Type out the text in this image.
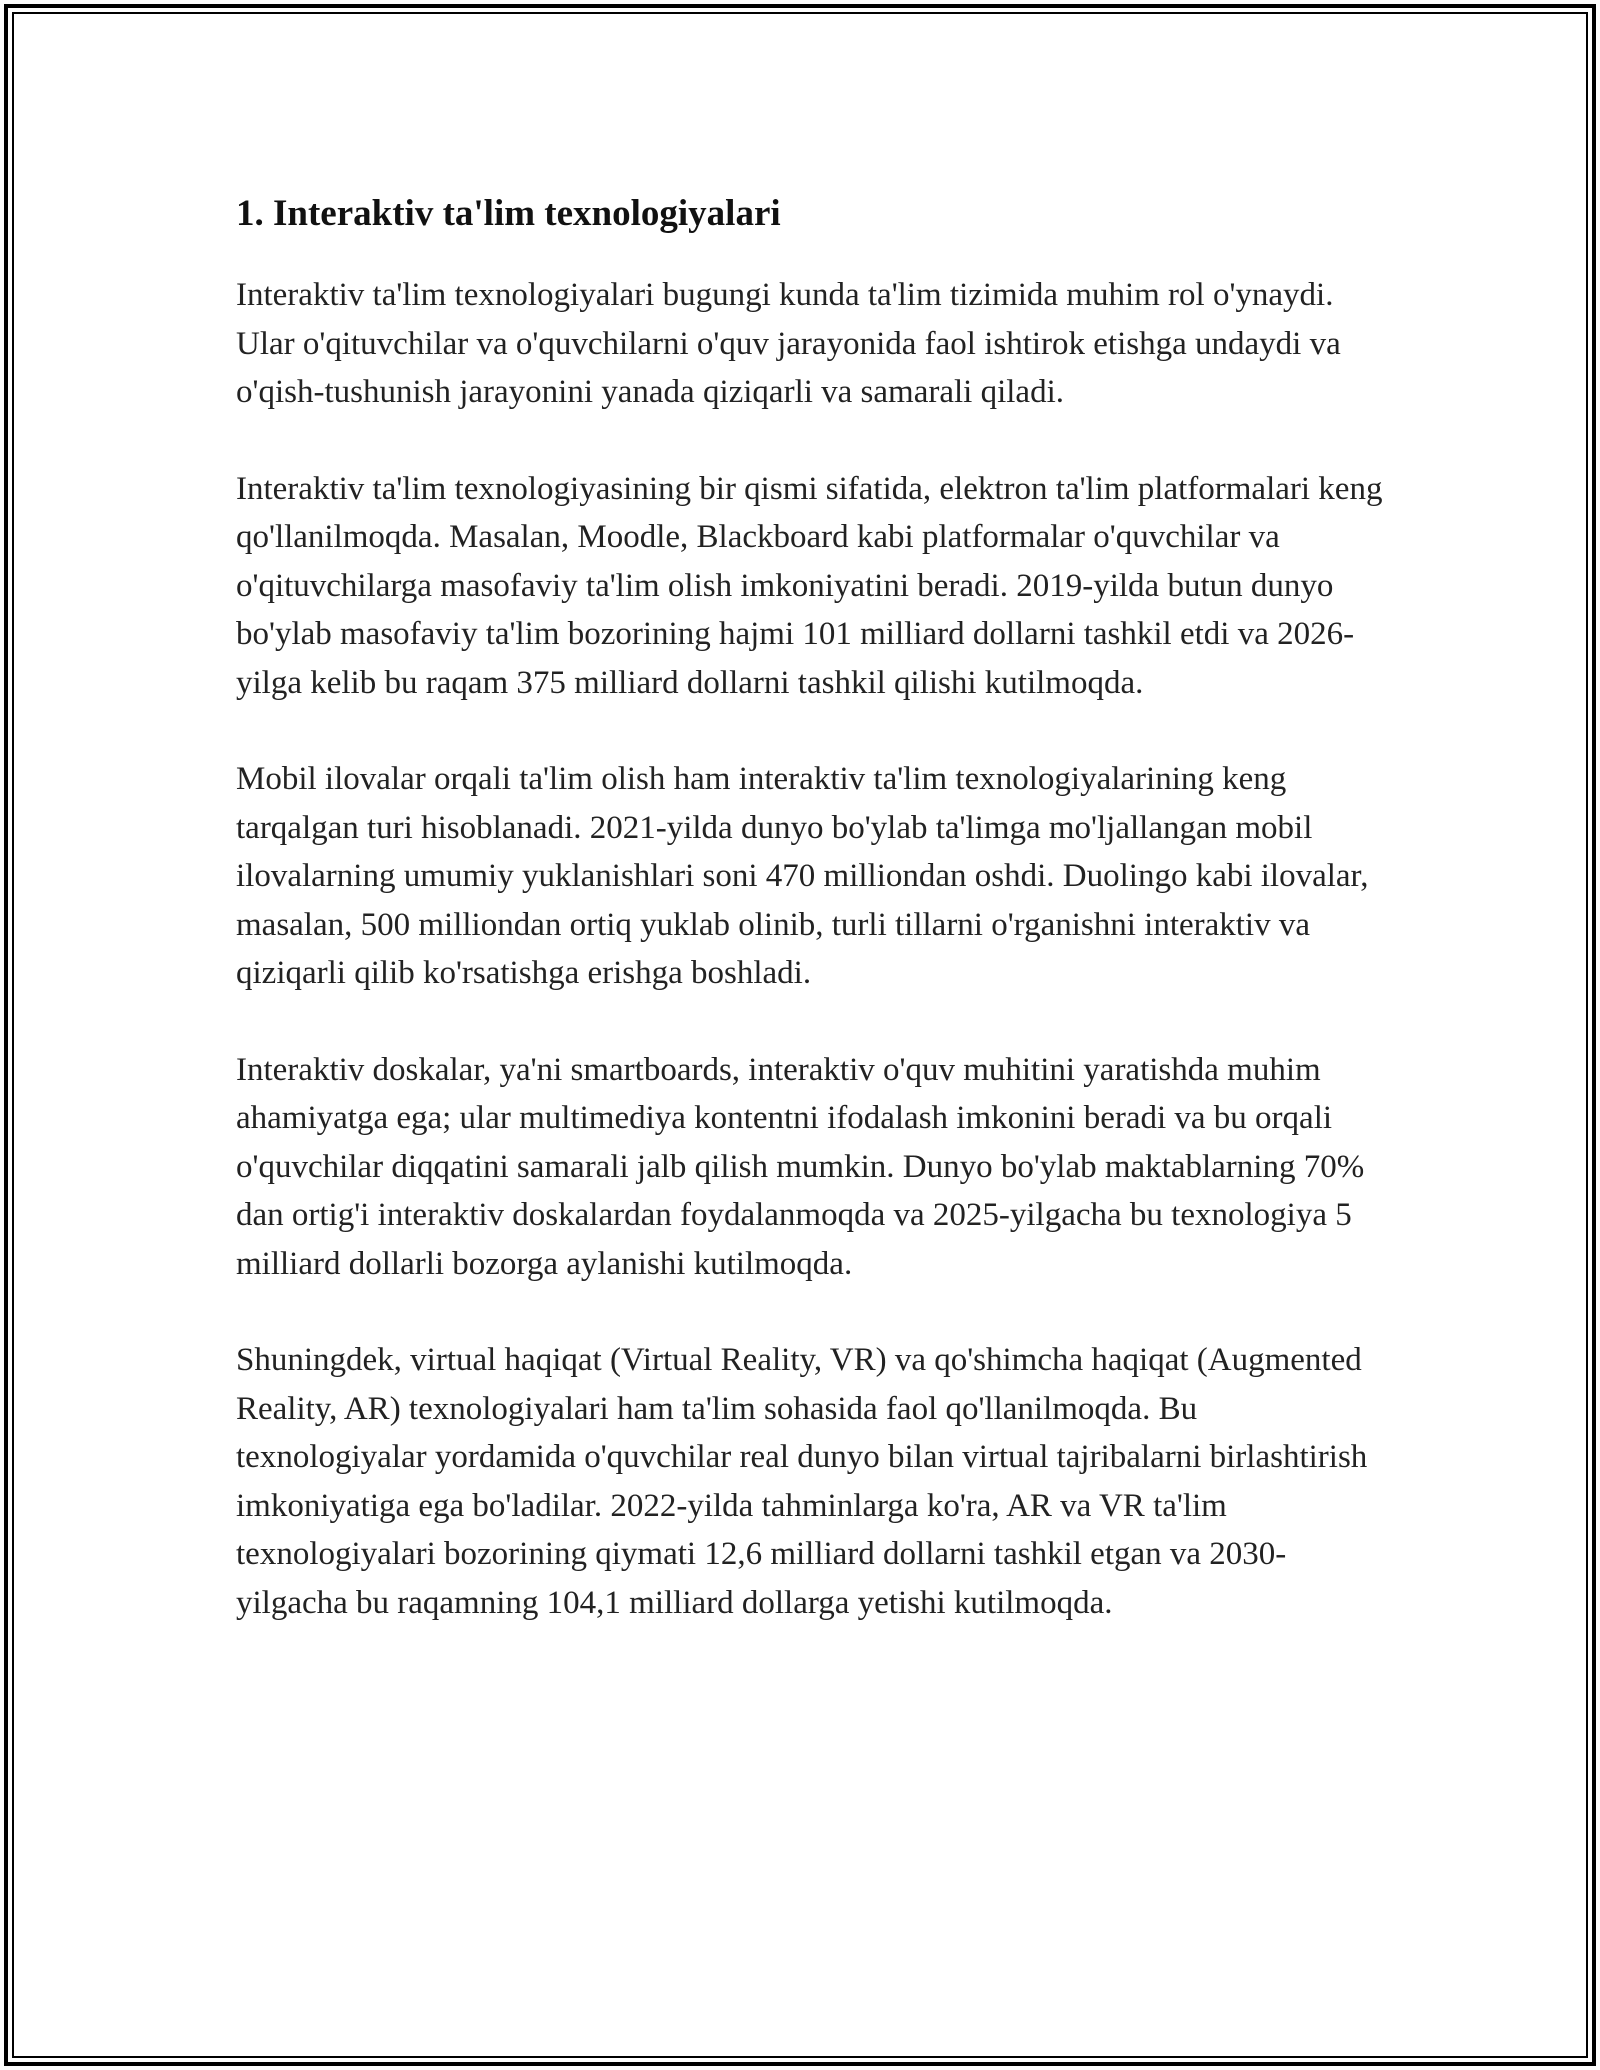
1. Interaktiv ta'lim texnologiyalari

Interaktiv ta'lim texnologiyalari bugungi kunda ta'lim tizimida muhim rol o'ynaydi. Ular o'qituvchilar va o'quvchilarni o'quv jarayonida faol ishtirok etishga undaydi va o'qish-tushunish jarayonini yanada qiziqarli va samarali qiladi.

Interaktiv ta'lim texnologiyasining bir qismi sifatida, elektron ta'lim platformalari keng qo'llanilmoqda. Masalan, Moodle, Blackboard kabi platformalar o'quvchilar va o'qituvchilarga masofaviy ta'lim olish imkoniyatini beradi. 2019-yilda butun dunyo bo'ylab masofaviy ta'lim bozorining hajmi 101 milliard dollarni tashkil etdi va 2026-yilga kelib bu raqam 375 milliard dollarni tashkil qilishi kutilmoqda.

Mobil ilovalar orqali ta'lim olish ham interaktiv ta'lim texnologiyalarining keng tarqalgan turi hisoblanadi. 2021-yilda dunyo bo'ylab ta'limga mo'ljallangan mobil ilovalarning umumiy yuklanishlari soni 470 milliondan oshdi. Duolingo kabi ilovalar, masalan, 500 milliondan ortiq yuklab olinib, turli tillarni o'rganishni interaktiv va qiziqarli qilib ko'rsatishga erishga boshladi.

Interaktiv doskalar, ya'ni smartboards, interaktiv o'quv muhitini yaratishda muhim ahamiyatga ega; ular multimediya kontentni ifodalash imkonini beradi va bu orqali o'quvchilar diqqatini samarali jalb qilish mumkin. Dunyo bo'ylab maktablarning 70% dan ortig'i interaktiv doskalardan foydalanmoqda va 2025-yilgacha bu texnologiya 5 milliard dollarli bozorga aylanishi kutilmoqda.

Shuningdek, virtual haqiqat (Virtual Reality, VR) va qo'shimcha haqiqat (Augmented Reality, AR) texnologiyalari ham ta'lim sohasida faol qo'llanilmoqda. Bu texnologiyalar yordamida o'quvchilar real dunyo bilan virtual tajribalarni birlashtirish imkoniyatiga ega bo'ladilar. 2022-yilda tahminlarga ko'ra, AR va VR ta'lim texnologiyalari bozorining qiymati 12,6 milliard dollarni tashkil etgan va 2030-yilgacha bu raqamning 104,1 milliard dollarga yetishi kutilmoqda.
